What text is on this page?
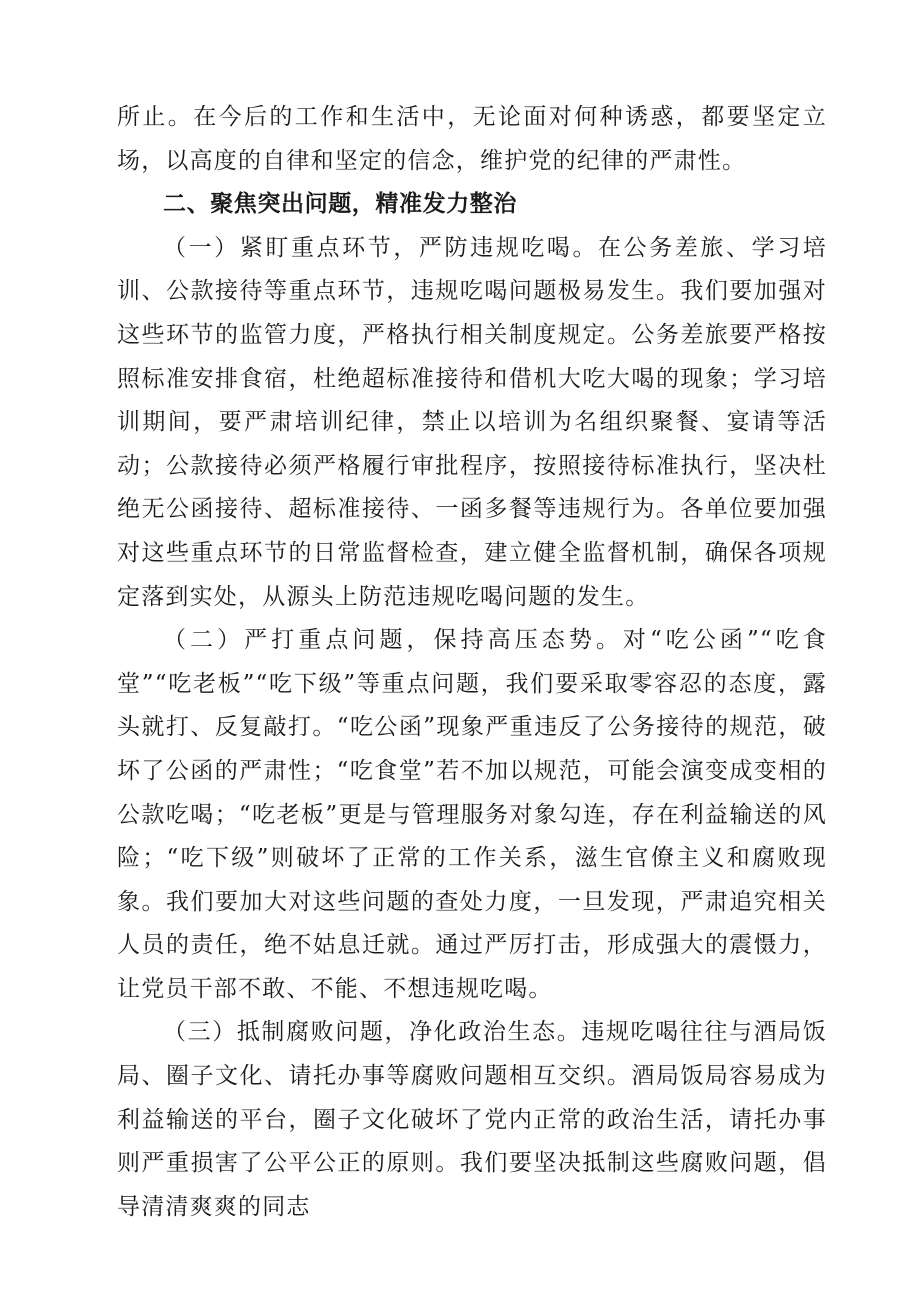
所止。在今后的工作和生活中，无论面对何种诱惑，都要坚定立场，以高度的自律和坚定的信念，维护党的纪律的严肃性。

二、聚焦突出问题，精准发力整治

（一）紧盯重点环节，严防违规吃喝。在公务差旅、学习培训、公款接待等重点环节，违规吃喝问题极易发生。我们要加强对这些环节的监管力度，严格执行相关制度规定。公务差旅要严格按照标准安排食宿，杜绝超标准接待和借机大吃大喝的现象；学习培训期间，要严肃培训纪律，禁止以培训为名组织聚餐、宴请等活动；公款接待必须严格履行审批程序，按照接待标准执行，坚决杜绝无公函接待、超标准接待、一函多餐等违规行为。各单位要加强对这些重点环节的日常监督检查，建立健全监督机制，确保各项规定落到实处，从源头上防范违规吃喝问题的发生。

（二）严打重点问题，保持高压态势。对“吃公函”“吃食堂”“吃老板”“吃下级”等重点问题，我们要采取零容忍的态度，露头就打、反复敲打。“吃公函”现象严重违反了公务接待的规范，破坏了公函的严肃性；“吃食堂”若不加以规范，可能会演变成变相的公款吃喝；“吃老板”更是与管理服务对象勾连，存在利益输送的风险；“吃下级”则破坏了正常的工作关系，滋生官僚主义和腐败现象。我们要加大对这些问题的查处力度，一旦发现，严肃追究相关人员的责任，绝不姑息迁就。通过严厉打击，形成强大的震慑力，让党员干部不敢、不能、不想违规吃喝。

（三）抵制腐败问题，净化政治生态。违规吃喝往往与酒局饭局、圈子文化、请托办事等腐败问题相互交织。酒局饭局容易成为利益输送的平台，圈子文化破坏了党内正常的政治生活，请托办事则严重损害了公平公正的原则。我们要坚决抵制这些腐败问题，倡导清清爽爽的同志
